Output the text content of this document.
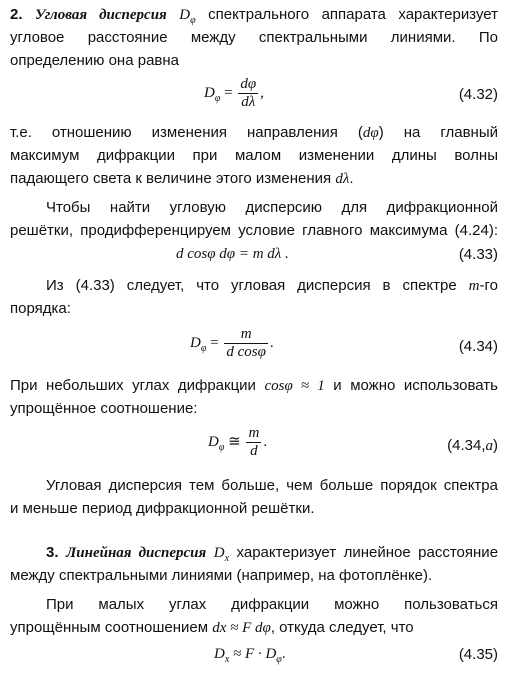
2. Угловая дисперсия $D_\varphi$ спектрального аппарата характеризует
угловое расстояние между спектральными линиями. По
определению она равна
$D_\varphi = \frac{d\varphi}{d\lambda}$ ,	(4.32)
т.е. отношению изменения направления (dφ) на главный
максимум дифракции при малом изменении длины волны
падающего света к величине этого изменения dλ.
Чтобы найти угловую дисперсию для дифракционной
решётки, продифференцируем условие главного максимума (4.24):
d cosφ dφ = m dλ .	(4.33)
Из (4.33) следует, что угловая дисперсия в спектре m-го
порядка:
$D_\varphi = \frac{m}{\text{d cosφ}}$ .	(4.34)
При небольших углах дифракции cosφ ≈ 1 и можно использовать
упрощённое соотношение:
$D_\varphi$ ≅ $\frac{m}{d}$ .	(4.34,a)
Угловая дисперсия тем больше, чем больше порядок спектра
и меньше период дифракционной решётки.
3. Линейная дисперсия $D_x$ характеризует линейное расстояние
между спектральными линиями (например, на фотоплёнке).
При малых углах дифракции можно пользоваться
упрощённым соотношением dx ≈ F dφ, откуда следует, что
$D_x \approx F \cdot D_\varphi$.	(4.35)
